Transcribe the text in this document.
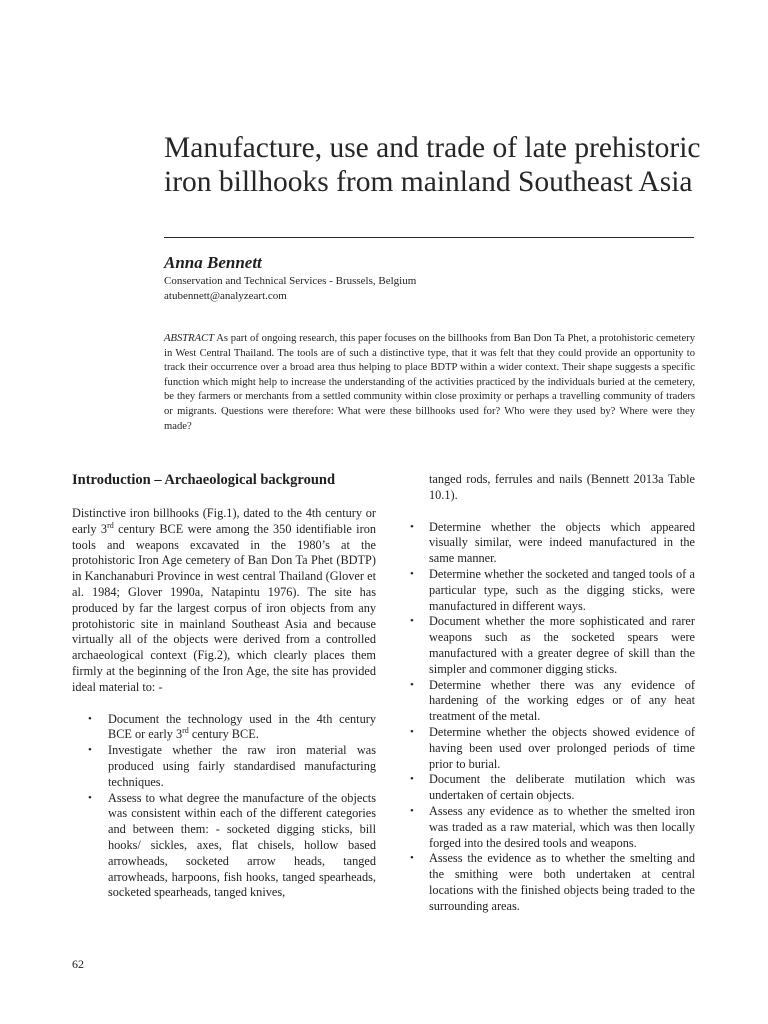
Manufacture, use and trade of late prehistoric iron billhooks from mainland Southeast Asia
Anna Bennett
Conservation and Technical Services - Brussels, Belgium
atubennett@analyzeart.com

ABSTRACT As part of ongoing research, this paper focuses on the billhooks from Ban Don Ta Phet, a protohistoric cemetery in West Central Thailand. The tools are of such a distinctive type, that it was felt that they could provide an opportunity to track their occurrence over a broad area thus helping to place BDTP within a wider context. Their shape suggests a specific function which might help to increase the understanding of the activities practiced by the individuals buried at the cemetery, be they farmers or merchants from a settled community within close proximity or perhaps a travelling community of traders or migrants. Questions were therefore: What were these billhooks used for? Who were they used by? Where were they made?

Introduction – Archaeological background

Distinctive iron billhooks (Fig.1), dated to the 4th century or early 3rd century BCE were among the 350 identifiable iron tools and weapons excavated in the 1980’s at the protohistoric Iron Age cemetery of Ban Don Ta Phet (BDTP) in Kanchanaburi Province in west central Thailand (Glover et al. 1984; Glover 1990a, Natapintu 1976). The site has produced by far the largest corpus of iron objects from any protohistoric site in mainland Southeast Asia and because virtually all of the objects were derived from a controlled archaeological context (Fig.2), which clearly places them firmly at the beginning of the Iron Age, the site has provided ideal material to: -

• Document the technology used in the 4th century BCE or early 3rd century BCE.
• Investigate whether the raw iron material was produced using fairly standardised manufacturing techniques.
• Assess to what degree the manufacture of the objects was consistent within each of the different categories and between them: - socketed digging sticks, bill hooks/ sickles, axes, flat chisels, hollow based arrowheads, socketed arrow heads, tanged arrowheads, harpoons, fish hooks, tanged spearheads, socketed spearheads, tanged knives,

tanged rods, ferrules and nails (Bennett 2013a Table 10.1).

• Determine whether the objects which appeared visually similar, were indeed manufactured in the same manner.
• Determine whether the socketed and tanged tools of a particular type, such as the digging sticks, were manufactured in different ways.
• Document whether the more sophisticated and rarer weapons such as the socketed spears were manufactured with a greater degree of skill than the simpler and commoner digging sticks.
• Determine whether there was any evidence of hardening of the working edges or of any heat treatment of the metal.
• Determine whether the objects showed evidence of having been used over prolonged periods of time prior to burial.
• Document the deliberate mutilation which was undertaken of certain objects.
• Assess any evidence as to whether the smelted iron was traded as a raw material, which was then locally forged into the desired tools and weapons.
• Assess the evidence as to whether the smelting and the smithing were both undertaken at central locations with the finished objects being traded to the surrounding areas.

62
